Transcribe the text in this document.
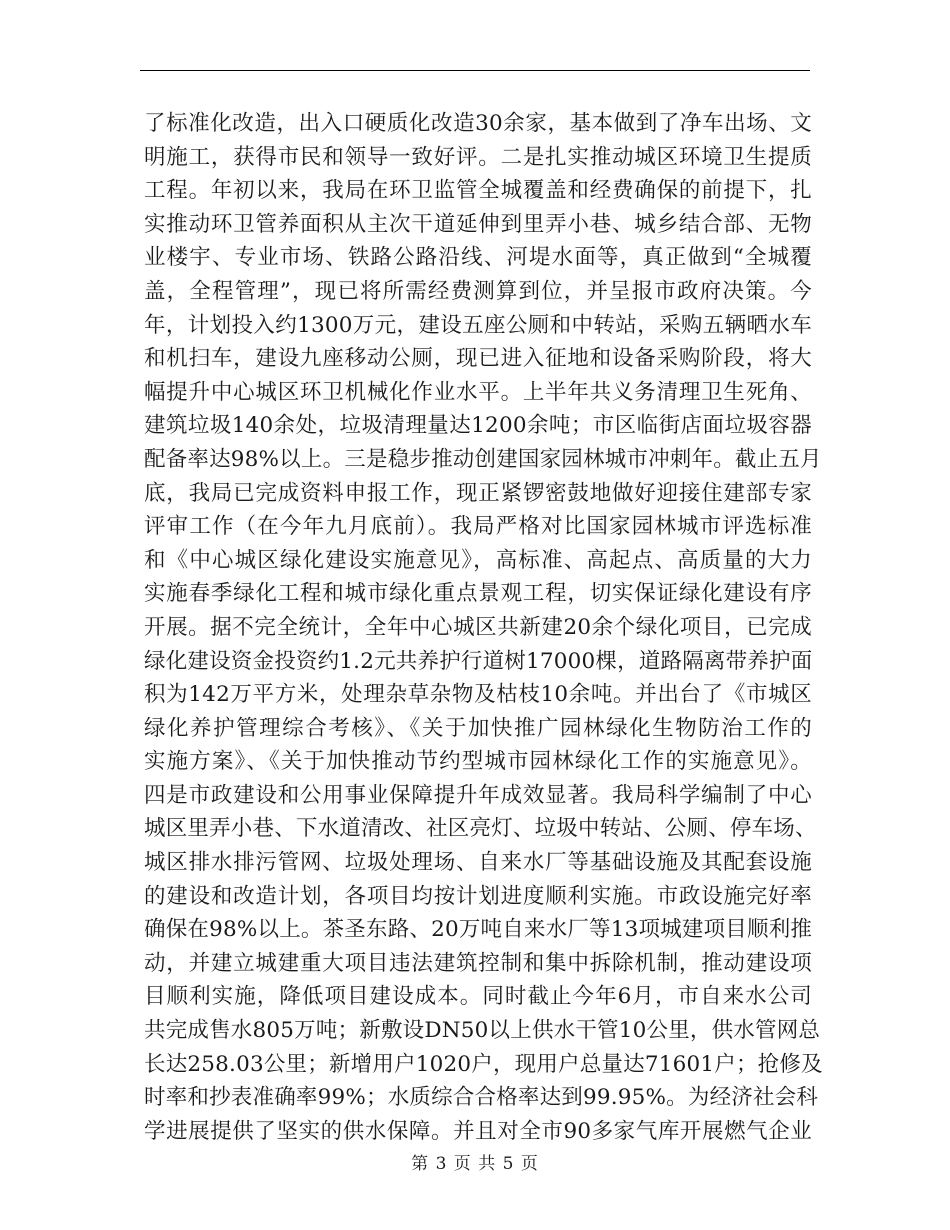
了标准化改造，出入口硬质化改造30余家，基本做到了净车出场、文
明施工，获得市民和领导一致好评。二是扎实推动城区环境卫生提质
工程。年初以来，我局在环卫监管全城覆盖和经费确保的前提下，扎
实推动环卫管养面积从主次干道延伸到里弄小巷、城乡结合部、无物
业楼宇、专业市场、铁路公路沿线、河堤水面等，真正做到“全城覆
盖，全程管理”，现已将所需经费测算到位，并呈报市政府决策。今
年，计划投入约1300万元，建设五座公厕和中转站，采购五辆晒水车
和机扫车，建设九座移动公厕，现已进入征地和设备采购阶段，将大
幅提升中心城区环卫机械化作业水平。上半年共义务清理卫生死角、
建筑垃圾140余处，垃圾清理量达1200余吨；市区临街店面垃圾容器
配备率达98%以上。三是稳步推动创建国家园林城市冲刺年。截止五月
底，我局已完成资料申报工作，现正紧锣密鼓地做好迎接住建部专家
评审工作（在今年九月底前）。我局严格对比国家园林城市评选标准
和《中心城区绿化建设实施意见》，高标准、高起点、高质量的大力
实施春季绿化工程和城市绿化重点景观工程，切实保证绿化建设有序
开展。据不完全统计，全年中心城区共新建20余个绿化项目，已完成
绿化建设资金投资约1.2元共养护行道树17000棵，道路隔离带养护面
积为142万平方米，处理杂草杂物及枯枝10余吨。并出台了《市城区
绿化养护管理综合考核》、《关于加快推广园林绿化生物防治工作的
实施方案》、《关于加快推动节约型城市园林绿化工作的实施意见》。
四是市政建设和公用事业保障提升年成效显著。我局科学编制了中心
城区里弄小巷、下水道清改、社区亮灯、垃圾中转站、公厕、停车场、
城区排水排污管网、垃圾处理场、自来水厂等基础设施及其配套设施
的建设和改造计划，各项目均按计划进度顺利实施。市政设施完好率
确保在98%以上。茶圣东路、20万吨自来水厂等13项城建项目顺利推
动，并建立城建重大项目违法建筑控制和集中拆除机制，推动建设项
目顺利实施，降低项目建设成本。同时截止今年6月，市自来水公司
共完成售水805万吨；新敷设DN50以上供水干管10公里，供水管网总
长达258.03公里；新增用户1020户，现用户总量达71601户；抢修及
时率和抄表准确率99%；水质综合合格率达到99.95%。为经济社会科
学进展提供了坚实的供水保障。并且对全市90多家气库开展燃气企业
第 3 页 共 5 页
